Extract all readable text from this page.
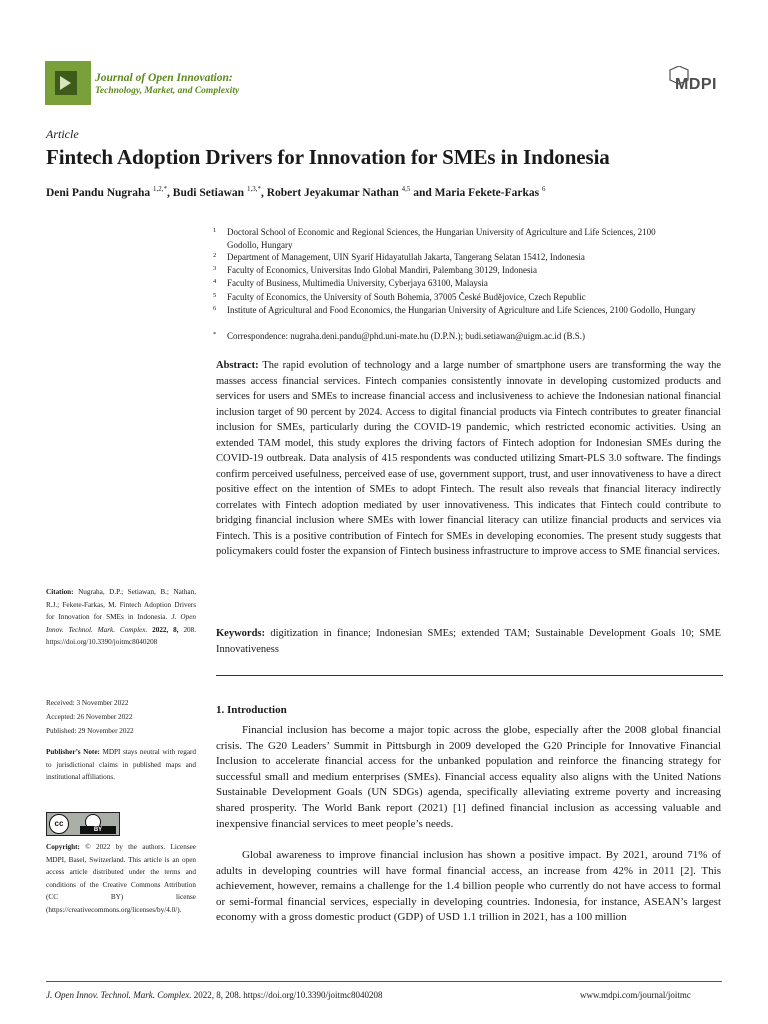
Journal of Open Innovation:
Technology, Market, and Complexity	MDPI
Article
Fintech Adoption Drivers for Innovation for SMEs in Indonesia
Deni Pandu Nugraha $^{1,2,*}$, Budi Setiawan $^{1,3,*}$, Robert Jeyakumar Nathan $^{4,5}$ and Maria Fekete-Farkas $^6$
1 Doctoral School of Economic and Regional Sciences, the Hungarian University of Agriculture and Life Sciences, 2100 Godollo, Hungary
2 Department of Management, UIN Syarif Hidayatullah Jakarta, Tangerang Selatan 15412, Indonesia
3 Faculty of Economics, Universitas Indo Global Mandiri, Palembang 30129, Indonesia
4 Faculty of Business, Multimedia University, Cyberjaya 63100, Malaysia
5 Faculty of Economics, the University of South Bohemia, 37005 České Budějovice, Czech Republic
6 Institute of Agricultural and Food Economics, the Hungarian University of Agriculture and Life Sciences, 2100 Godollo, Hungary
* Correspondence: nugraha.deni.pandu@phd.uni-mate.hu (D.P.N.); budi.setiawan@uigm.ac.id (B.S.)
Abstract: The rapid evolution of technology and a large number of smartphone users are transforming the way the masses access financial services. Fintech companies consistently innovate in developing customized products and services for users and SMEs to increase financial access and inclusiveness to achieve the Indonesian national financial inclusion target of 90 percent by 2024. Access to digital financial products via Fintech contributes to greater financial inclusion for SMEs, particularly during the COVID-19 pandemic, which restricted economic activities. Using an extended TAM model, this study explores the driving factors of Fintech adoption for Indonesian SMEs during the COVID-19 outbreak. Data analysis of 415 respondents was conducted utilizing Smart-PLS 3.0 software. The findings confirm perceived usefulness, perceived ease of use, government support, trust, and user innovativeness to have a direct positive effect on the intention of SMEs to adopt Fintech. The result also reveals that financial literacy indirectly correlates with Fintech adoption mediated by user innovativeness. This indicates that Fintech could contribute to bridging financial inclusion where SMEs with lower financial literacy can utilize financial products and services via Fintech. This is a positive contribution of Fintech for SMEs in developing economies. The present study suggests that policymakers could foster the expansion of Fintech business infrastructure to improve access to SME financial services.
Keywords: digitization in finance; Indonesian SMEs; extended TAM; Sustainable Development Goals 10; SME Innovativeness
Citation: Nugraha, D.P.; Setiawan, B.; Nathan, R.J.; Fekete-Farkas, M. Fintech Adoption Drivers for Innovation for SMEs in Indonesia. J. Open Innov. Technol. Mark. Complex. 2022, 8, 208. https://doi.org/10.3390/joitmc8040208
Received: 3 November 2022
Accepted: 26 November 2022
Published: 29 November 2022
Publisher’s Note: MDPI stays neutral with regard to jurisdictional claims in published maps and institutional affiliations.
cc
BY
Copyright: © 2022 by the authors. Licensee MDPI, Basel, Switzerland. This article is an open access article distributed under the terms and conditions of the Creative Commons Attribution (CC BY) license (https://creativecommons.org/licenses/by/4.0/).
1. Introduction
Financial inclusion has become a major topic across the globe, especially after the 2008 global financial crisis. The G20 Leaders’ Summit in Pittsburgh in 2009 developed the G20 Principle for Innovative Financial Inclusion to accelerate financial access for the unbanked population and reinforce the financing strategy for successful small and medium enterprises (SMEs). Financial access equality also aligns with the United Nations Sustainable Development Goals (UN SDGs) agenda, specifically alleviating extreme poverty and increasing shared prosperity. The World Bank report (2021) [1] defined financial inclusion as accessing valuable and inexpensive financial services to meet people’s needs.
Global awareness to improve financial inclusion has shown a positive impact. By 2021, around 71% of adults in developing countries will have formal financial access, an increase from 42% in 2011 [2]. This achievement, however, remains a challenge for the 1.4 billion people who currently do not have access to formal or semi-formal financial services, especially in developing countries. Indonesia, for instance, ASEAN’s largest economy with a gross domestic product (GDP) of USD 1.1 trillion in 2021, has a 100 million
J. Open Innov. Technol. Mark. Complex. 2022, 8, 208. https://doi.org/10.3390/joitmc8040208	www.mdpi.com/journal/joitmc
